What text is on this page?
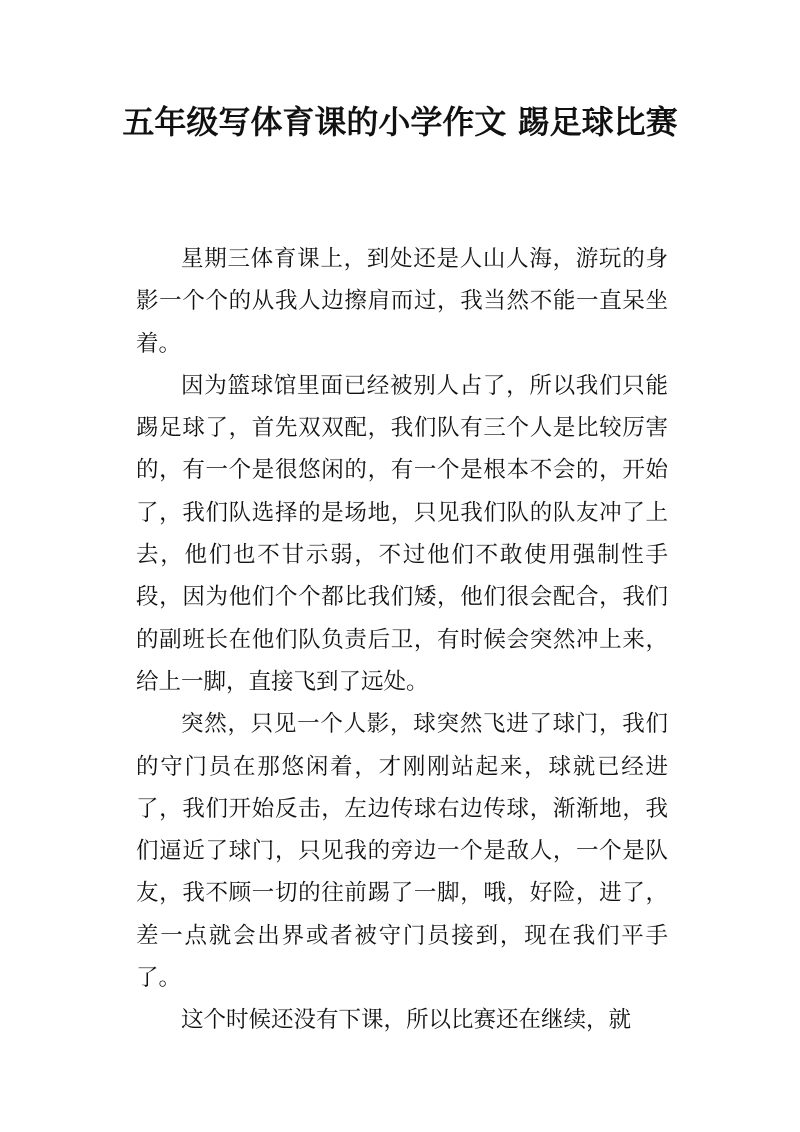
五年级写体育课的小学作文 踢足球比赛

星期三体育课上，到处还是人山人海，游玩的身影一个个的从我人边擦肩而过，我当然不能一直呆坐着。

因为篮球馆里面已经被别人占了，所以我们只能踢足球了，首先双双配，我们队有三个人是比较厉害的，有一个是很悠闲的，有一个是根本不会的，开始了，我们队选择的是场地，只见我们队的队友冲了上去，他们也不甘示弱，不过他们不敢使用强制性手段，因为他们个个都比我们矮，他们很会配合，我们的副班长在他们队负责后卫，有时候会突然冲上来，给上一脚，直接飞到了远处。

突然，只见一个人影，球突然飞进了球门，我们的守门员在那悠闲着，才刚刚站起来，球就已经进了，我们开始反击，左边传球右边传球，渐渐地，我们逼近了球门，只见我的旁边一个是敌人，一个是队友，我不顾一切的往前踢了一脚，哦，好险，进了，差一点就会出界或者被守门员接到，现在我们平手了。

这个时候还没有下课，所以比赛还在继续，就
